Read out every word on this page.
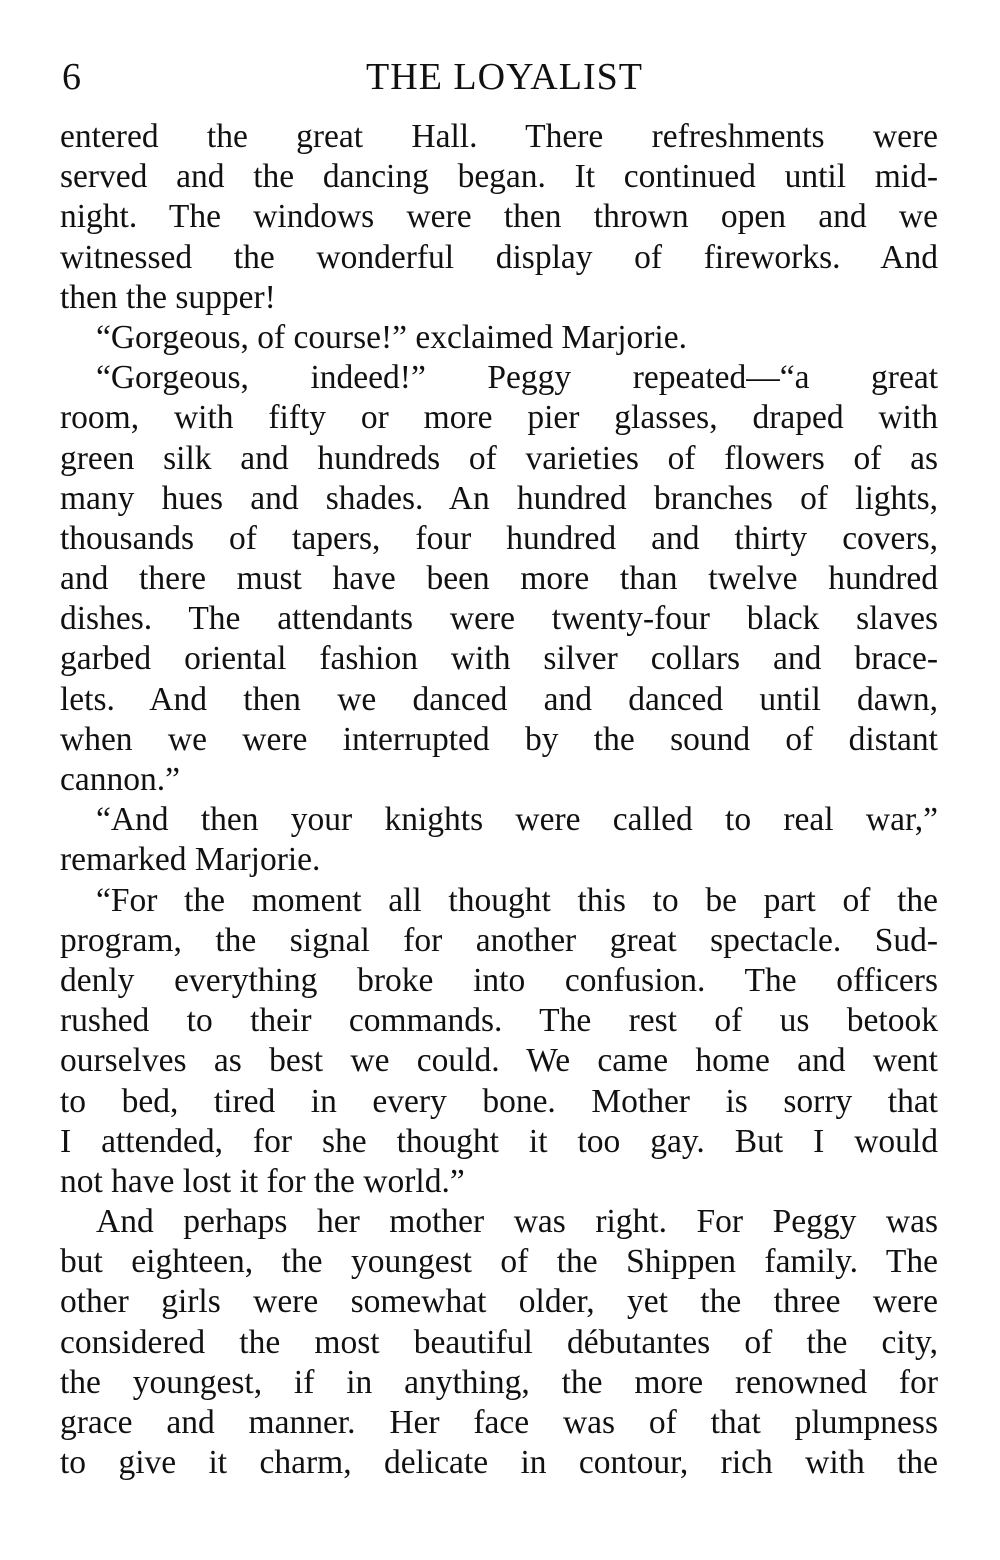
6	THE LOYALIST
entered the great Hall. There refreshments were
served and the dancing began. It continued until mid-
night. The windows were then thrown open and we
witnessed the wonderful display of fireworks. And
then the supper!
“Gorgeous, of course!” exclaimed Marjorie.
“Gorgeous, indeed!” Peggy repeated—“a great
room, with fifty or more pier glasses, draped with
green silk and hundreds of varieties of flowers of as
many hues and shades. An hundred branches of lights,
thousands of tapers, four hundred and thirty covers,
and there must have been more than twelve hundred
dishes. The attendants were twenty-four black slaves
garbed oriental fashion with silver collars and brace-
lets. And then we danced and danced until dawn,
when we were interrupted by the sound of distant
cannon.”
“And then your knights were called to real war,”
remarked Marjorie.
“For the moment all thought this to be part of the
program, the signal for another great spectacle. Sud-
denly everything broke into confusion. The officers
rushed to their commands. The rest of us betook
ourselves as best we could. We came home and went
to bed, tired in every bone. Mother is sorry that
I attended, for she thought it too gay. But I would
not have lost it for the world.”
And perhaps her mother was right. For Peggy was
but eighteen, the youngest of the Shippen family. The
other girls were somewhat older, yet the three were
considered the most beautiful débutantes of the city,
the youngest, if in anything, the more renowned for
grace and manner. Her face was of that plumpness
to give it charm, delicate in contour, rich with the
